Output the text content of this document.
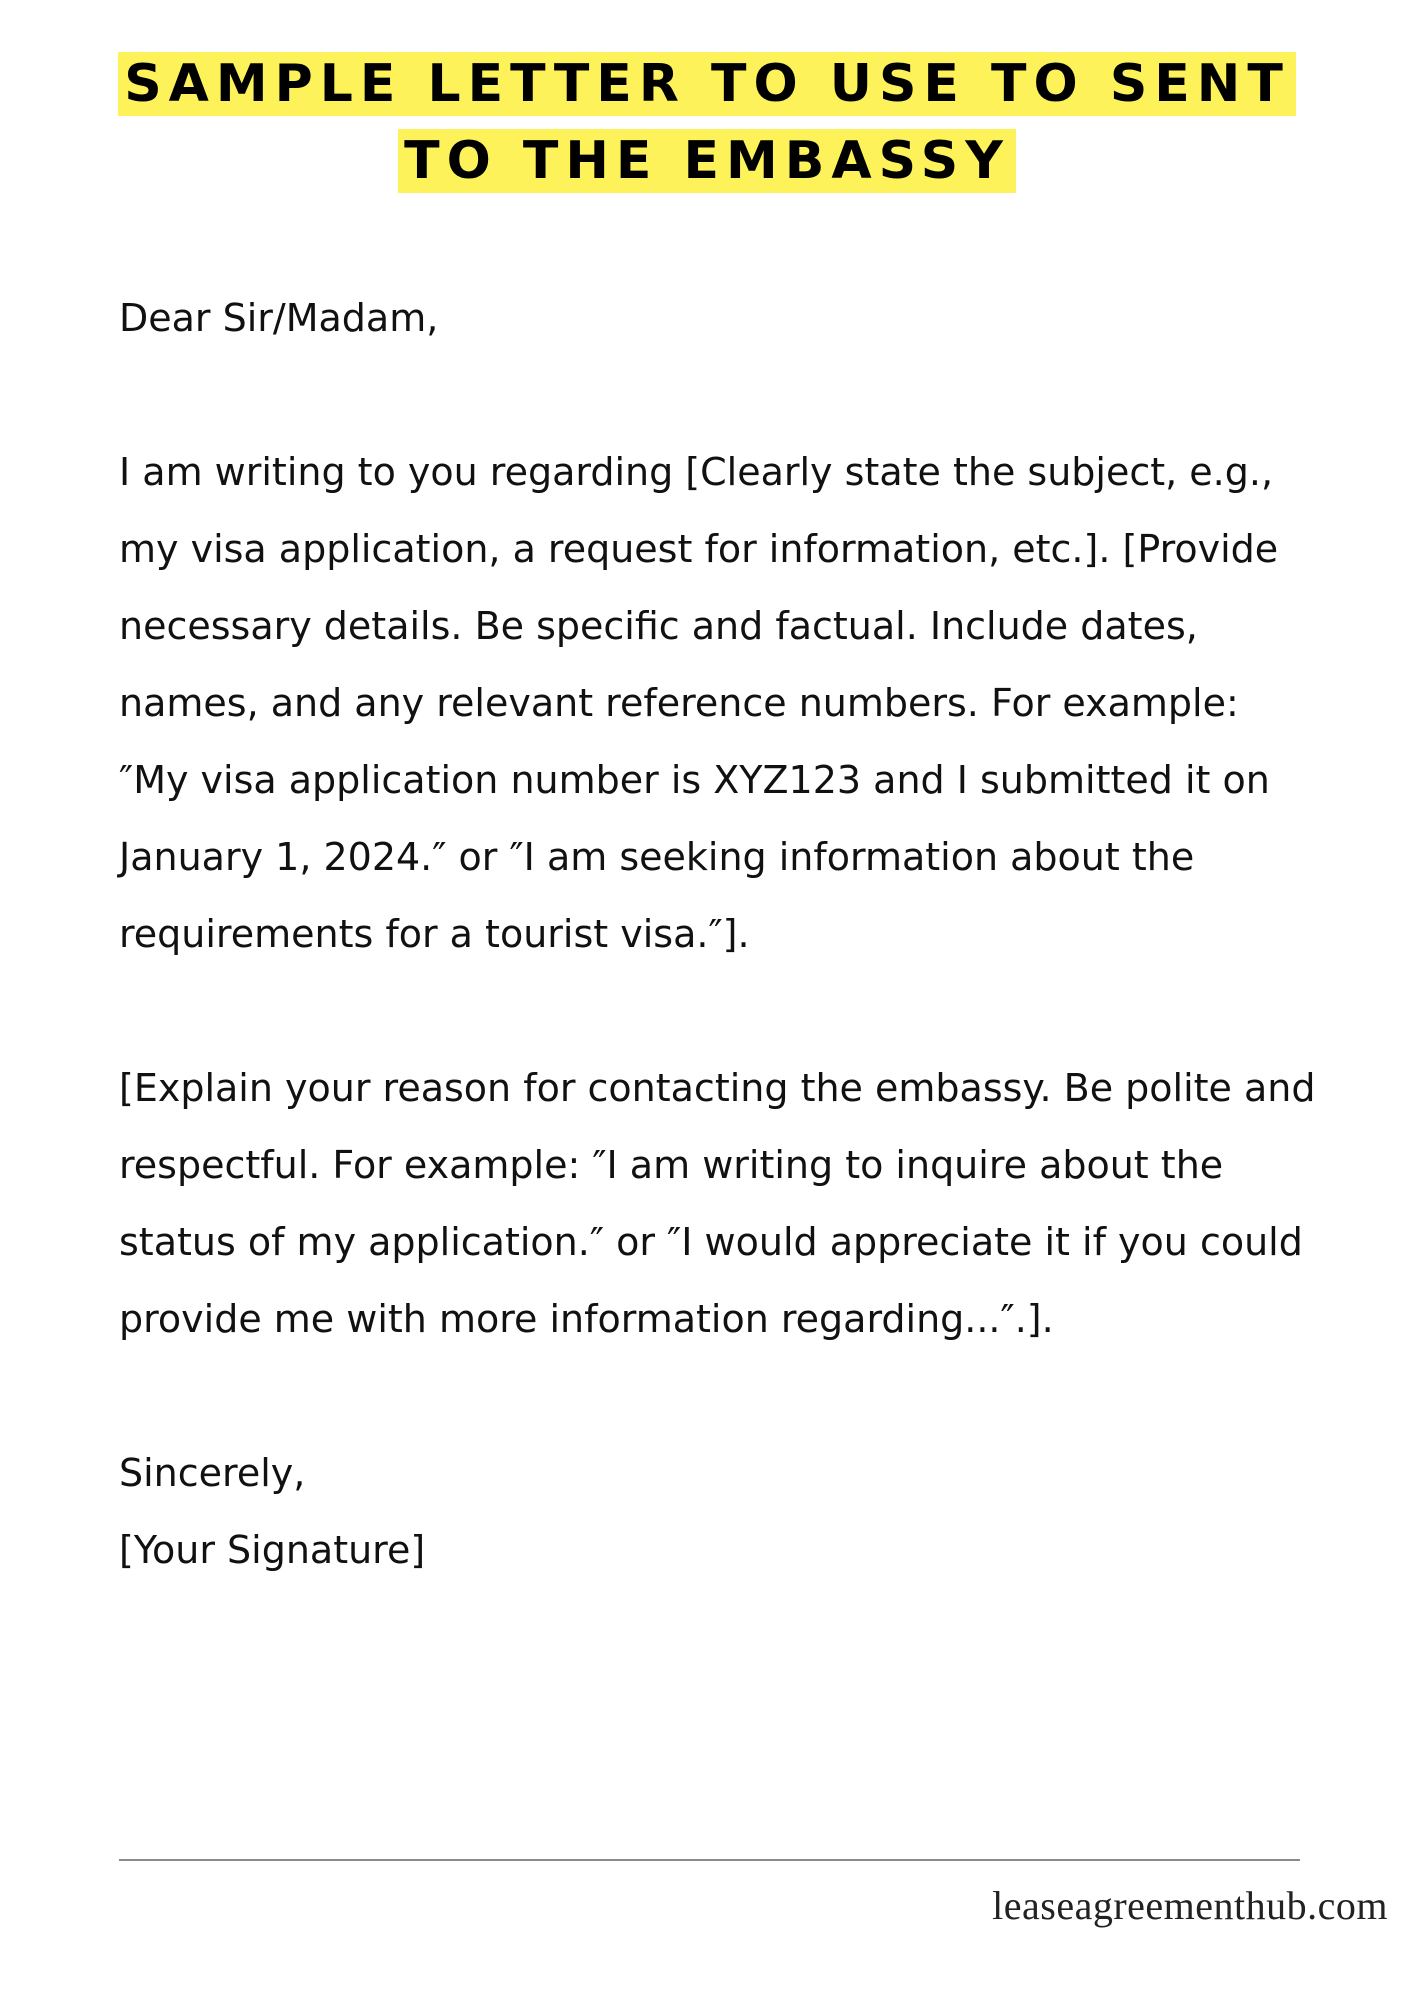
SAMPLE LETTER TO USE TO SENT TO THE EMBASSY

Dear Sir/Madam,

I am writing to you regarding [Clearly state the subject, e.g., my visa application, a request for information, etc.]. [Provide necessary details. Be specific and factual. Include dates, names, and any relevant reference numbers. For example: ″My visa application number is XYZ123 and I submitted it on January 1, 2024.″ or ″I am seeking information about the requirements for a tourist visa.″].

[Explain your reason for contacting the embassy. Be polite and respectful. For example: ″I am writing to inquire about the status of my application.″ or ″I would appreciate it if you could provide me with more information regarding...″.].

Sincerely,

[Your Signature]

leaseagreementhub.com
